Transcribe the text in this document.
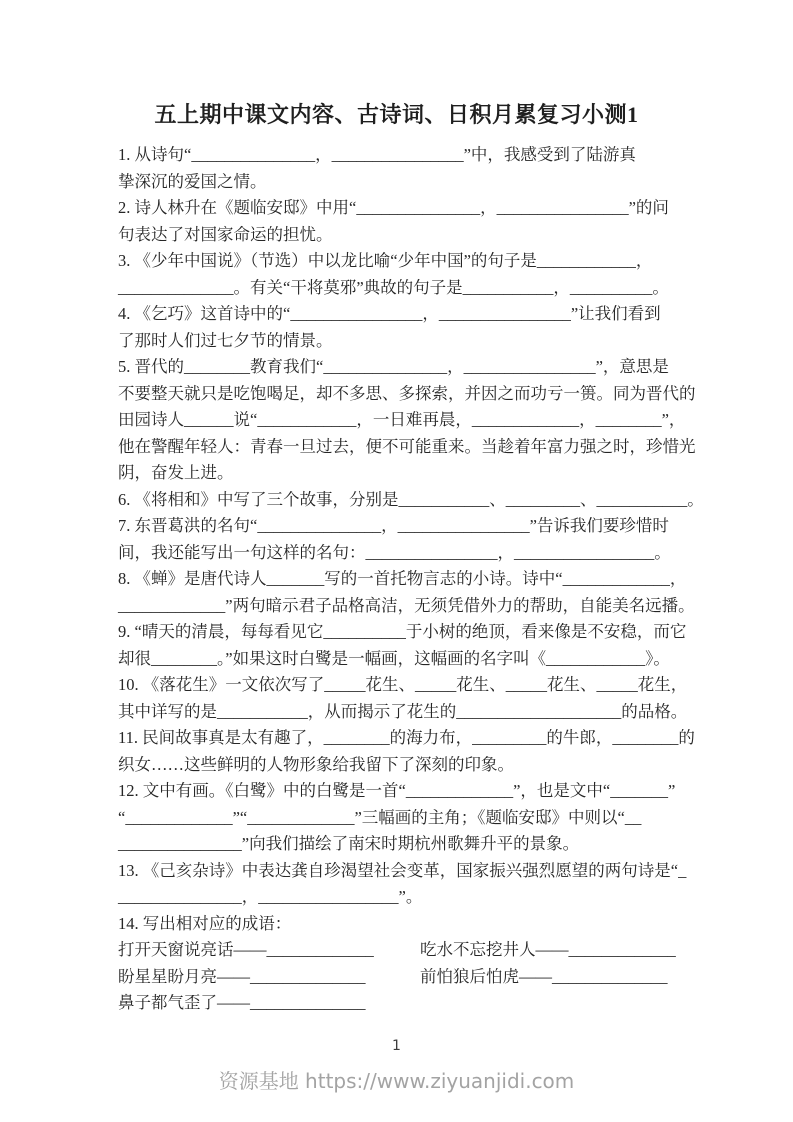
五上期中课文内容、古诗词、日积月累复习小测1
1. 从诗句“_______________，________________”中，我感受到了陆游真
挚深沉的爱国之情。
2. 诗人林升在《题临安邸》中用“_______________，________________”的问
句表达了对国家命运的担忧。
3. 《少年中国说》（节选）中以龙比喻“少年中国”的句子是____________，
______________。有关“干将莫邪”典故的句子是___________，__________。
4. 《乞巧》这首诗中的“________________，________________”让我们看到
了那时人们过七夕节的情景。
5. 晋代的________教育我们“_______________，________________”，意思是
不要整天就只是吃饱喝足，却不多思、多探索，并因之而功亏一篑。同为晋代的
田园诗人______说“____________，一日难再晨，_____________，________”，
他在警醒年轻人：青春一旦过去，便不可能重来。当趁着年富力强之时，珍惜光
阴，奋发上进。
6. 《将相和》中写了三个故事，分别是___________、_________、___________。
7. 东晋葛洪的名句“_______________，________________”告诉我们要珍惜时
间，我还能写出一句这样的名句：________________，_________________。
8. 《蝉》是唐代诗人_______写的一首托物言志的小诗。诗中“_____________，
_____________”两句暗示君子品格高洁，无须凭借外力的帮助，自能美名远播。
9. “晴天的清晨，每每看见它__________于小树的绝顶，看来像是不安稳，而它
却很________。”如果这时白鹭是一幅画，这幅画的名字叫《____________》。
10. 《落花生》一文依次写了_____花生、_____花生、_____花生、_____花生，
其中详写的是___________，从而揭示了花生的____________________的品格。
11. 民间故事真是太有趣了，________的海力布，_________的牛郎，________的
织女……这些鲜明的人物形象给我留下了深刻的印象。
12. 文中有画。《白鹭》中的白鹭是一首“_____________”，也是文中“_______”
“_____________”“_____________”三幅画的主角；《题临安邸》中则以“__
_______________”向我们描绘了南宋时期杭州歌舞升平的景象。
13. 《己亥杂诗》中表达龚自珍渴望社会变革，国家振兴强烈愿望的两句诗是“_
_______________，_________________”。
14. 写出相对应的成语：
打开天窗说亮话——_____________	吃水不忘挖井人——_____________
盼星星盼月亮——______________	前怕狼后怕虎——______________
鼻子都气歪了——______________
1
资源基地 https://www.ziyuanjidi.com
